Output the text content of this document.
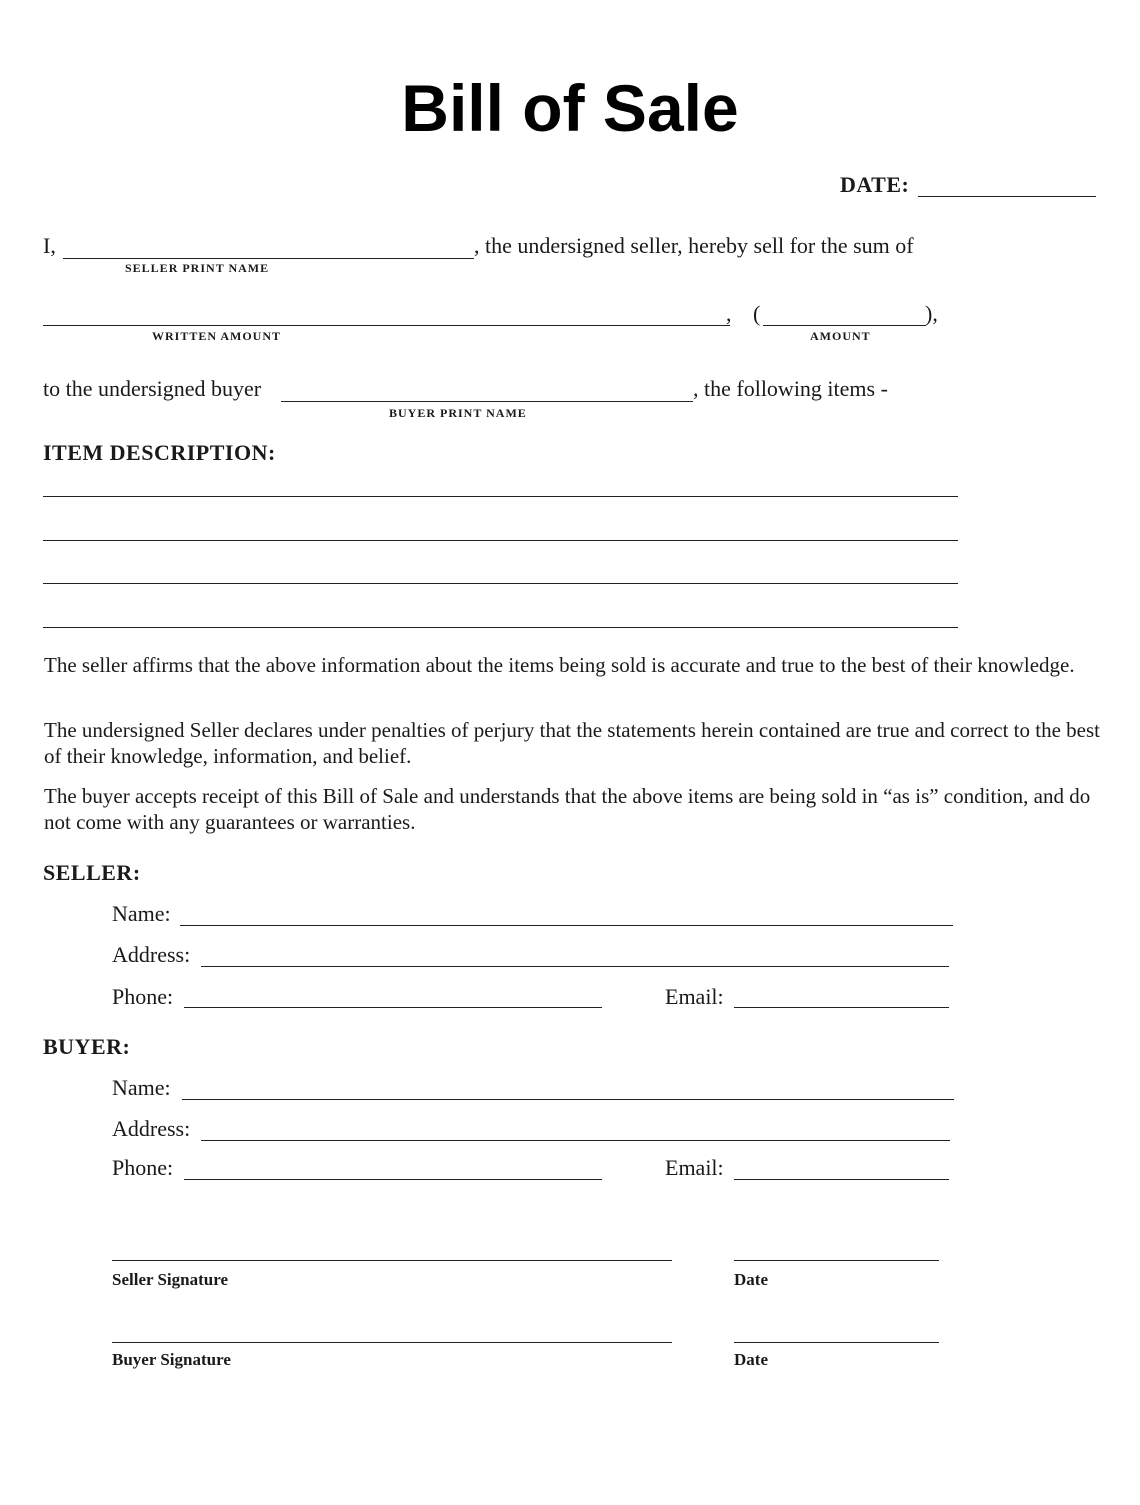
Bill of Sale
DATE:
I,	, the undersigned seller, hereby sell for the sum of
SELLER PRINT NAME
, (	),
WRITTEN AMOUNT	AMOUNT
to the undersigned buyer	, the following items -
BUYER PRINT NAME
ITEM DESCRIPTION:
The seller affirms that the above information about the items being sold is accurate and true to the best of their knowledge.
The undersigned Seller declares under penalties of perjury that the statements herein contained are true and correct to the best of their knowledge, information, and belief.
The buyer accepts receipt of this Bill of Sale and understands that the above items are being sold in “as is” condition, and do not come with any guarantees or warranties.
SELLER:
Name:
Address:
Phone:	Email:
BUYER:
Name:
Address:
Phone:	Email:
Seller Signature	Date
Buyer Signature	Date
